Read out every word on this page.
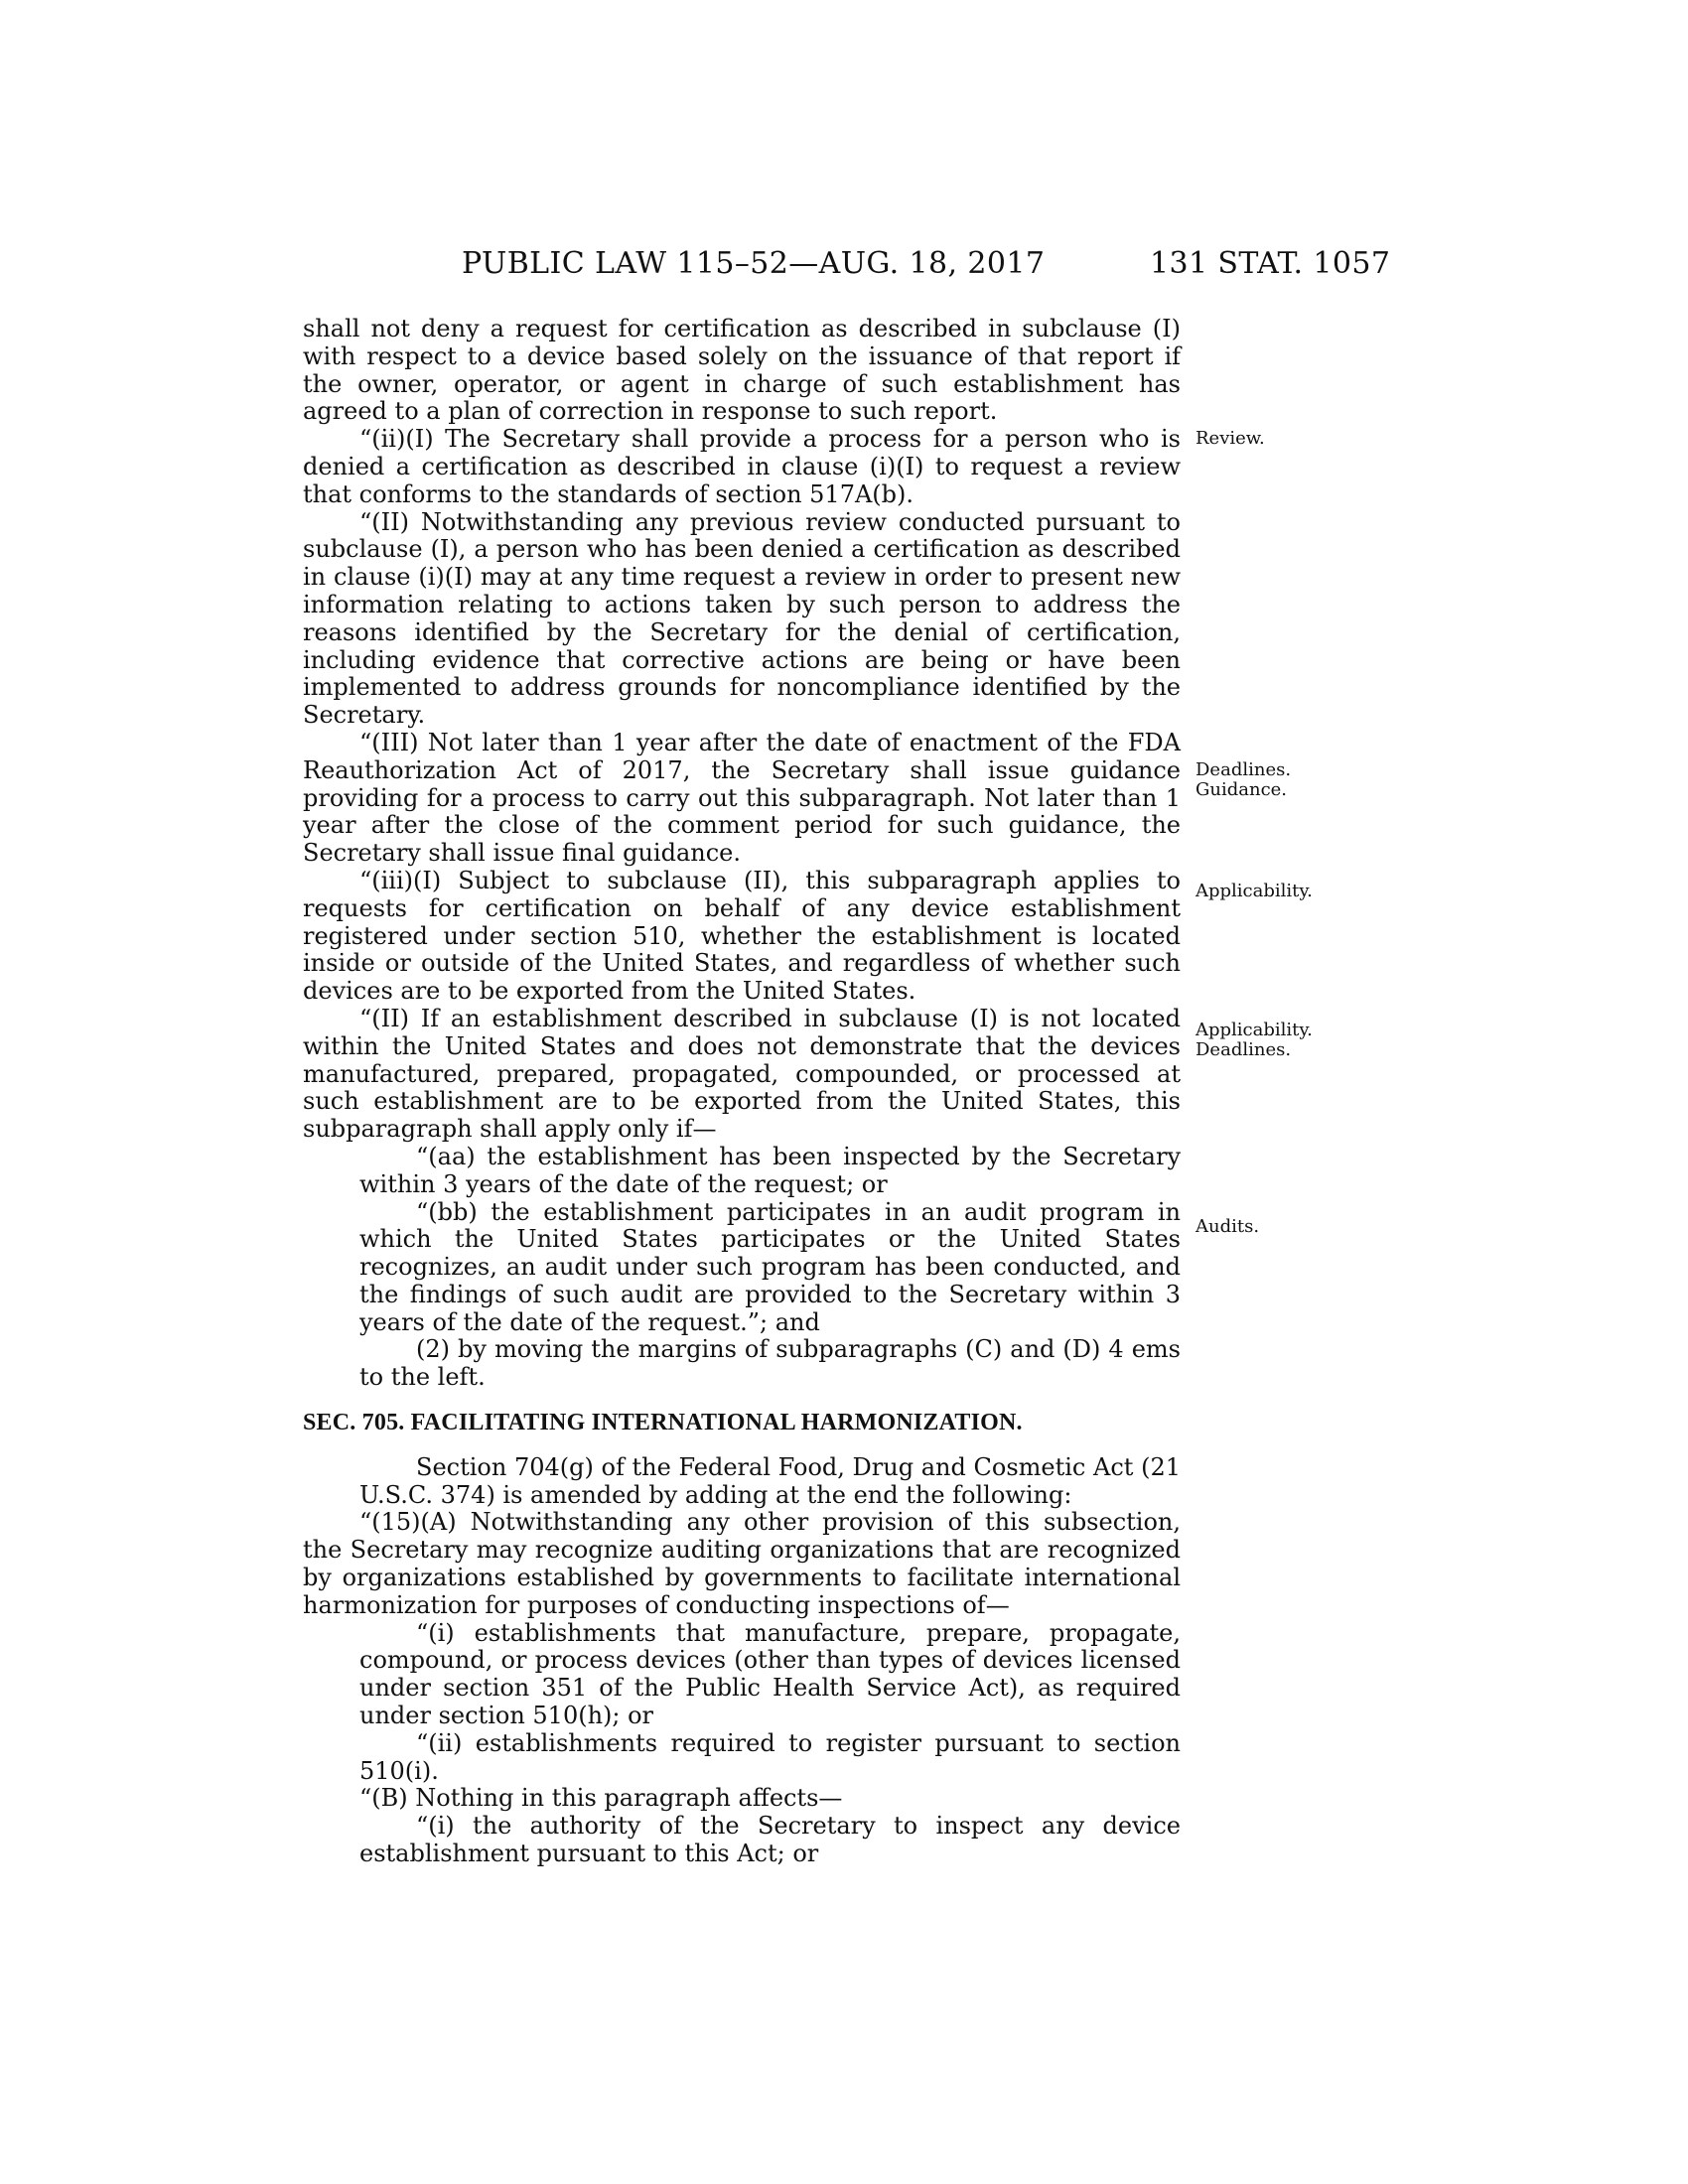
PUBLIC LAW 115–52—AUG. 18, 2017	131 STAT. 1057

shall not deny a request for certification as described in subclause (I) with respect to a device based solely on the issuance of that report if the owner, operator, or agent in charge of such establishment has agreed to a plan of correction in response to such report.

“(ii)(I) The Secretary shall provide a process for a person who is denied a certification as described in clause (i)(I) to request a review that conforms to the standards of section 517A(b).

“(II) Notwithstanding any previous review conducted pursuant to subclause (I), a person who has been denied a certification as described in clause (i)(I) may at any time request a review in order to present new information relating to actions taken by such person to address the reasons identified by the Secretary for the denial of certification, including evidence that corrective actions are being or have been implemented to address grounds for noncompliance identified by the Secretary.

“(III) Not later than 1 year after the date of enactment of the FDA Reauthorization Act of 2017, the Secretary shall issue guidance providing for a process to carry out this subparagraph. Not later than 1 year after the close of the comment period for such guidance, the Secretary shall issue final guidance.

“(iii)(I) Subject to subclause (II), this subparagraph applies to requests for certification on behalf of any device establishment registered under section 510, whether the establishment is located inside or outside of the United States, and regardless of whether such devices are to be exported from the United States.

“(II) If an establishment described in subclause (I) is not located within the United States and does not demonstrate that the devices manufactured, prepared, propagated, compounded, or processed at such establishment are to be exported from the United States, this subparagraph shall apply only if—

“(aa) the establishment has been inspected by the Secretary within 3 years of the date of the request; or

“(bb) the establishment participates in an audit program in which the United States participates or the United States recognizes, an audit under such program has been conducted, and the findings of such audit are provided to the Secretary within 3 years of the date of the request.”; and

(2) by moving the margins of subparagraphs (C) and (D) 4 ems to the left.

SEC. 705. FACILITATING INTERNATIONAL HARMONIZATION.

Section 704(g) of the Federal Food, Drug and Cosmetic Act (21 U.S.C. 374) is amended by adding at the end the following:

“(15)(A) Notwithstanding any other provision of this subsection, the Secretary may recognize auditing organizations that are recognized by organizations established by governments to facilitate international harmonization for purposes of conducting inspections of—

“(i) establishments that manufacture, prepare, propagate, compound, or process devices (other than types of devices licensed under section 351 of the Public Health Service Act), as required under section 510(h); or

“(ii) establishments required to register pursuant to section 510(i).

“(B) Nothing in this paragraph affects—

“(i) the authority of the Secretary to inspect any device establishment pursuant to this Act; or

Review.
Deadlines.
Guidance.
Applicability.
Applicability.
Deadlines.
Audits.
